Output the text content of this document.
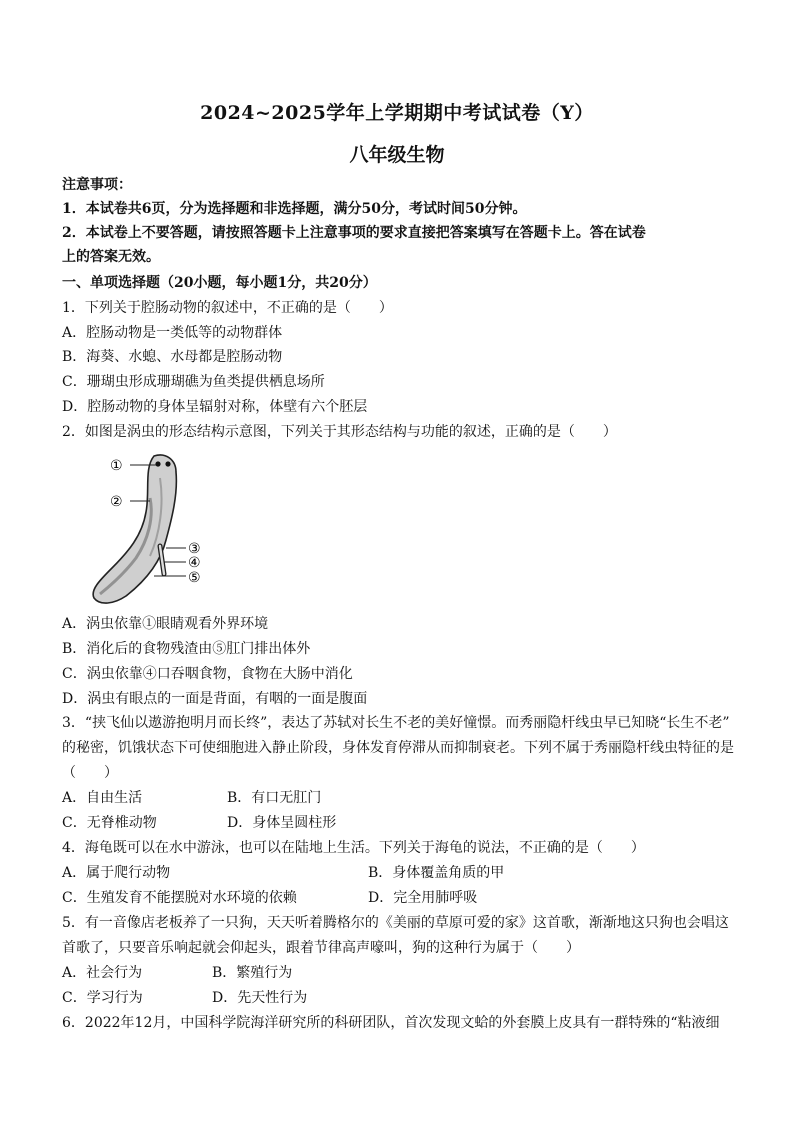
2024~2025学年上学期期中考试试卷（Y）
八年级生物
注意事项：
1．本试卷共6页，分为选择题和非选择题，满分50分，考试时间50分钟。
2．本试卷上不要答题，请按照答题卡上注意事项的要求直接把答案填写在答题卡上。答在试卷
上的答案无效。
一、单项选择题（20小题，每小题1分，共20分）
1．下列关于腔肠动物的叙述中，不正确的是（　　）
A．腔肠动物是一类低等的动物群体
B．海葵、水螅、水母都是腔肠动物
C．珊瑚虫形成珊瑚礁为鱼类提供栖息场所
D．腔肠动物的身体呈辐射对称，体壁有六个胚层
2．如图是涡虫的形态结构示意图，下列关于其形态结构与功能的叙述，正确的是（　　）
①
②
③
④
⑤
A．涡虫依靠①眼睛观看外界环境
B．消化后的食物残渣由⑤肛门排出体外
C．涡虫依靠④口吞咽食物，食物在大肠中消化
D．涡虫有眼点的一面是背面，有咽的一面是腹面
3．“挟飞仙以遨游抱明月而长终”，表达了苏轼对长生不老的美好憧憬。而秀丽隐杆线虫早已知晓“长生不老”
的秘密，饥饿状态下可使细胞进入静止阶段，身体发育停滞从而抑制衰老。下列不属于秀丽隐杆线虫特征的是
（　　）
A．自由生活	B．有口无肛门
C．无脊椎动物	D．身体呈圆柱形
4．海龟既可以在水中游泳，也可以在陆地上生活。下列关于海龟的说法，不正确的是（　　）
A．属于爬行动物	B．身体覆盖角质的甲
C．生殖发育不能摆脱对水环境的依赖	D．完全用肺呼吸
5．有一音像店老板养了一只狗，天天听着腾格尔的《美丽的草原可爱的家》这首歌，渐渐地这只狗也会唱这
首歌了，只要音乐响起就会仰起头，跟着节律高声嚎叫，狗的这种行为属于（　　）
A．社会行为	B．繁殖行为
C．学习行为	D．先天性行为
6．2022年12月，中国科学院海洋研究所的科研团队，首次发现文蛤的外套膜上皮具有一群特殊的“粘液细
